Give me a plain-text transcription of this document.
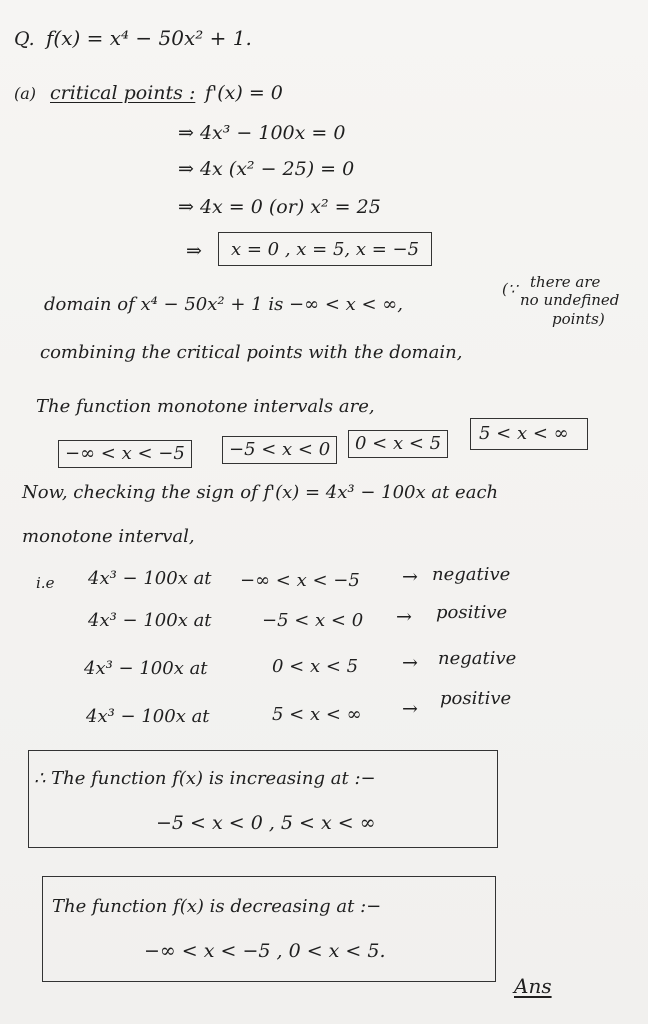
Q. f(x) = x⁴ − 50x² + 1.
(a) critical points : f'(x) = 0
⇒ 4x³ − 100x = 0
⇒ 4x (x² − 25) = 0
⇒ 4x = 0 (or) x² = 25
⇒	x = 0 , x = 5, x = −5
domain of x⁴ − 50x² + 1 is −∞ < x < ∞,
(∵ there are
no undefined
points)
combining the critical points with the domain,
The function monotone intervals are,
−∞ < x < −5	−5 < x < 0	0 < x < 5	5 < x < ∞
Now, checking the sign of f'(x) = 4x³ − 100x at each
monotone interval,
i.e 4x³ − 100x at −∞ < x < −5 → negative
4x³ − 100x at	−5 < x < 0 → positive
4x³ − 100x at	0 < x < 5 → negative
4x³ − 100x at	5 < x < ∞ → positive
∴ The function f(x) is increasing at :−
−5 < x < 0 , 5 < x < ∞
The function f(x) is decreasing at :−
−∞ < x < −5 , 0 < x < 5.
Ans
